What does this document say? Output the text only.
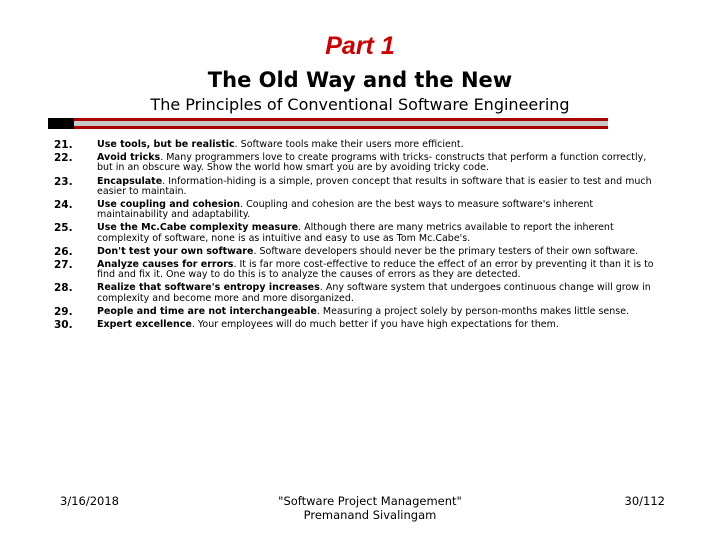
Part 1
The Old Way and the New
The Principles of Conventional Software Engineering
21.	Use tools, but be realistic. Software tools make their users more efficient.
22.	Avoid tricks. Many programmers love to create programs with tricks- constructs that perform a function correctly, but in an obscure way. Show the world how smart you are by avoiding tricky code.
23.	Encapsulate. Information-hiding is a simple, proven concept that results in software that is easier to test and much easier to maintain.
24.	Use coupling and cohesion. Coupling and cohesion are the best ways to measure software's inherent maintainability and adaptability.
25.	Use the Mc.Cabe complexity measure. Although there are many metrics available to report the inherent complexity of software, none is as intuitive and easy to use as Tom Mc.Cabe's.
26.	Don't test your own software. Software developers should never be the primary testers of their own software.
27.	Analyze causes for errors. It is far more cost-effective to reduce the effect of an error by preventing it than it is to find and fix it. One way to do this is to analyze the causes of errors as they are detected.
28.	Realize that software's entropy increases. Any software system that undergoes continuous change will grow in complexity and become more and more disorganized.
29.	People and time are not interchangeable. Measuring a project solely by person-months makes little sense.
30.	Expert excellence. Your employees will do much better if you have high expectations for them.
3/16/2018	"Software Project Management"
Premanand Sivalingam
30/112
